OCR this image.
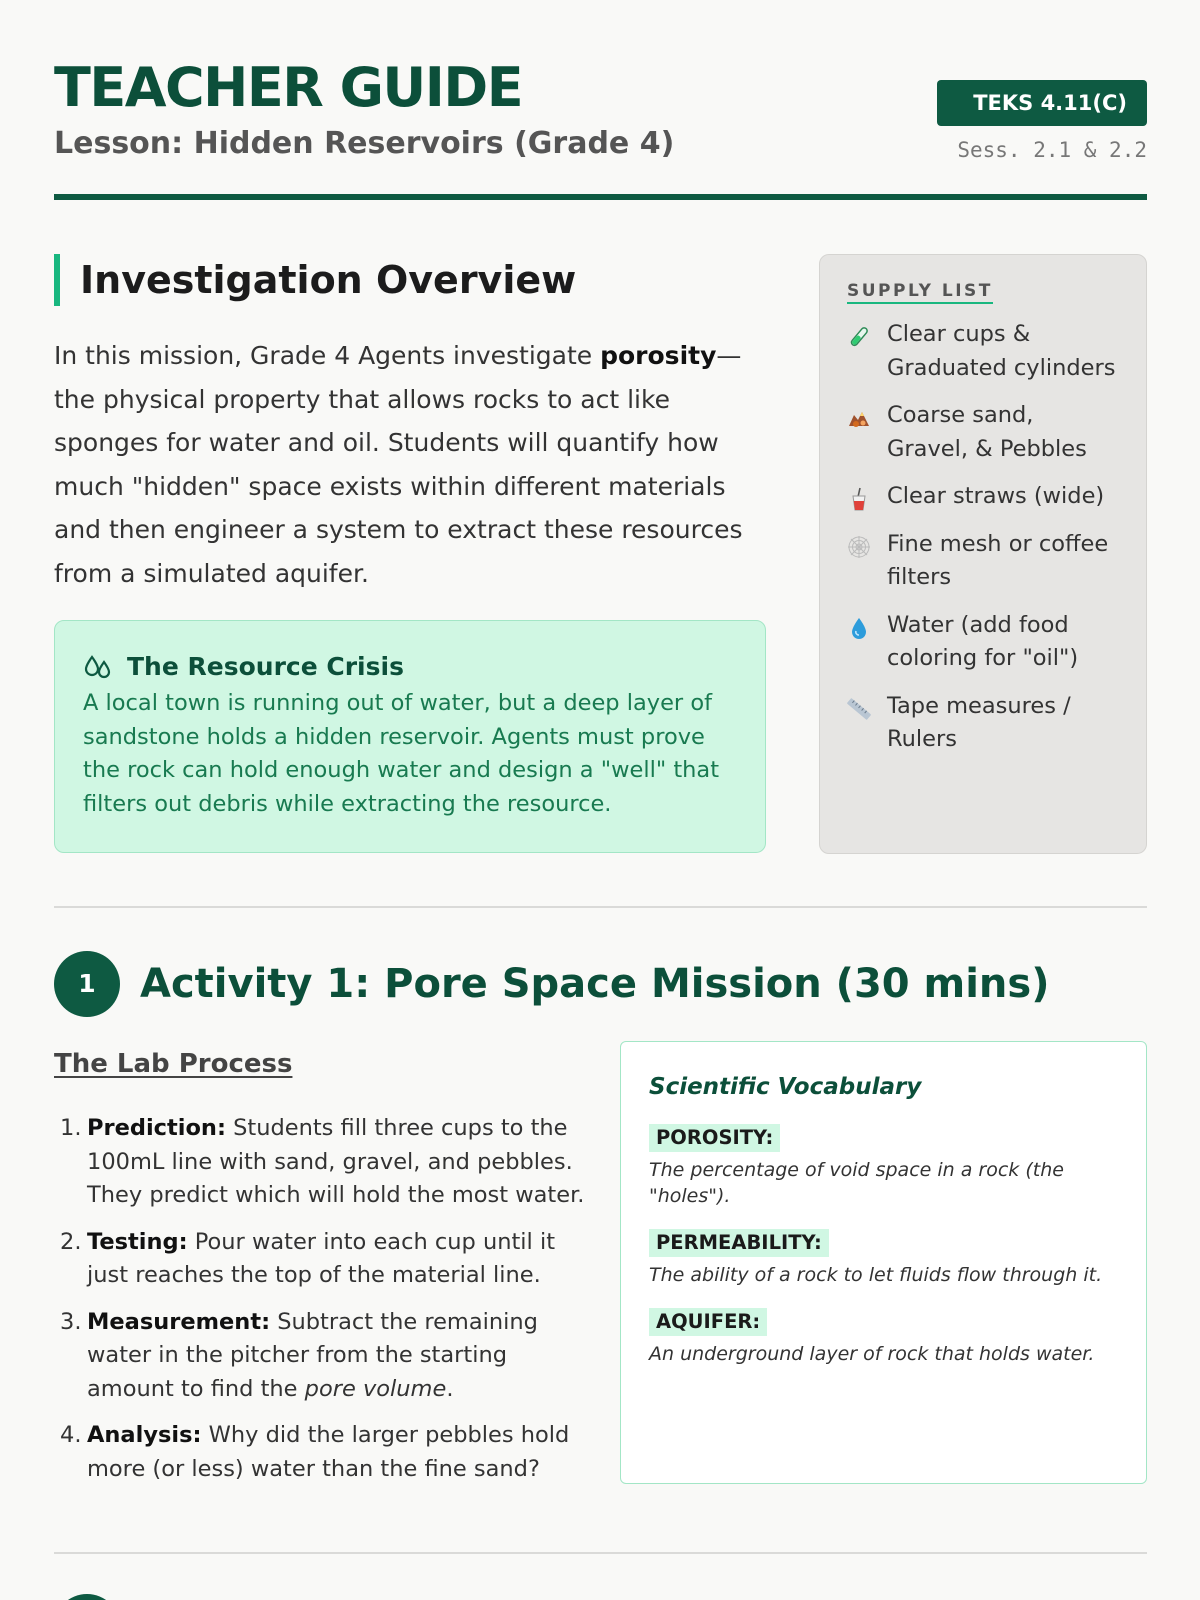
TEACHER GUIDE
Lesson: Hidden Reservoirs (Grade 4)
TEKS 4.11(C)
Sess. 2.1 & 2.2
Investigation Overview

In this mission, Grade 4 Agents investigate porosity—the physical property that allows rocks to act like sponges for water and oil. Students will quantify how much "hidden" space exists within different materials and then engineer a system to extract these resources from a simulated aquifer.

The Resource Crisis

A local town is running out of water, but a deep layer of sandstone holds a hidden reservoir. Agents must prove the rock can hold enough water and design a "well" that filters out debris while extracting the resource.

SUPPLY LIST
Clear cups & Graduated cylinders
Coarse sand, Gravel, & Pebbles
Clear straws (wide)
Fine mesh or coffee filters
Water (add food coloring for "oil")
Tape measures / Rulers
1	Activity 1: Pore Space Mission (30 mins)
The Lab Process
1. Prediction: Students fill three cups to the 100mL line with sand, gravel, and pebbles. They predict which will hold the most water.
2. Testing: Pour water into each cup until it just reaches the top of the material line.
3. Measurement: Subtract the remaining water in the pitcher from the starting amount to find the pore volume.
4. Analysis: Why did the larger pebbles hold more (or less) water than the fine sand?
Scientific Vocabulary
POROSITY:

The percentage of void space in a rock (the "holes").

PERMEABILITY:

The ability of a rock to let fluids flow through it.

AQUIFER:

An underground layer of rock that holds water.
